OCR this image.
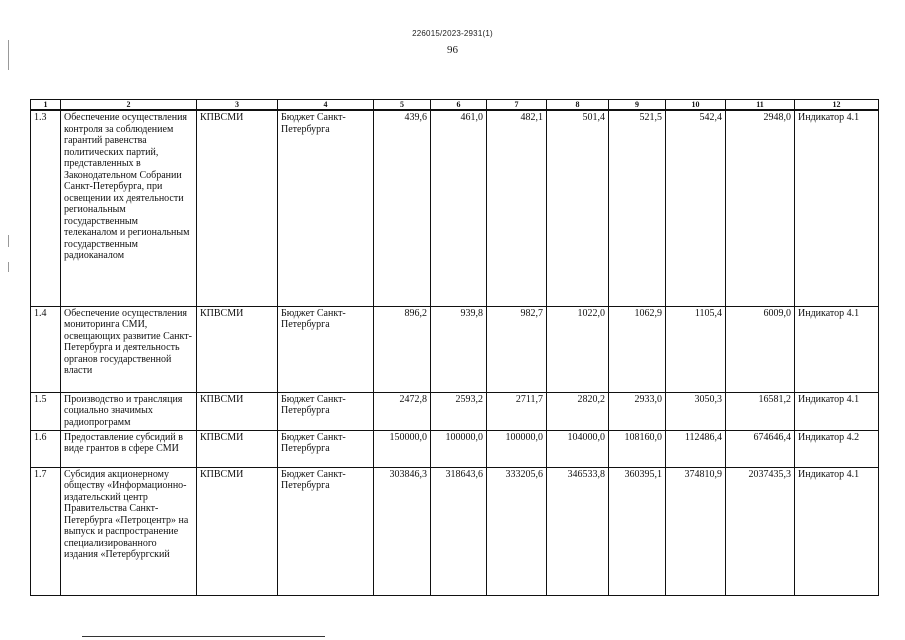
226015/2023-2931(1)
96
1	2	3	4	5	6	7	8	9	10	11	12
1.3	Обеспечение осуществления контроля за соблюдением гарантий равенства политических партий, представленных в Законодательном Собрании Санкт-Петербурга, при освещении их деятельности региональным государственным телеканалом и региональным государственным радиоканалом	КПВСМИ	Бюджет Санкт-Петербурга	439,6	461,0	482,1	501,4	521,5	542,4	2948,0	Индикатор 4.1
1.4	Обеспечение осуществления мониторинга СМИ, освещающих развитие Санкт-Петербурга и деятельность органов государственной власти	КПВСМИ	Бюджет Санкт-Петербурга	896,2	939,8	982,7	1022,0	1062,9	1105,4	6009,0	Индикатор 4.1
1.5	Производство и трансляция социально значимых радиопрограмм	КПВСМИ	Бюджет Санкт-Петербурга	2472,8	2593,2	2711,7	2820,2	2933,0	3050,3	16581,2	Индикатор 4.1
1.6	Предоставление субсидий в виде грантов в сфере СМИ	КПВСМИ	Бюджет Санкт-Петербурга	150000,0	100000,0	100000,0	104000,0	108160,0	112486,4	674646,4	Индикатор 4.2
1.7	Субсидия акционерному обществу «Информационно-издательский центр Правительства Санкт-Петербурга «Петроцентр» на выпуск и распространение специализированного издания «Петербургский	КПВСМИ	Бюджет Санкт-Петербурга	303846,3	318643,6	333205,6	346533,8	360395,1	374810,9	2037435,3	Индикатор 4.1
